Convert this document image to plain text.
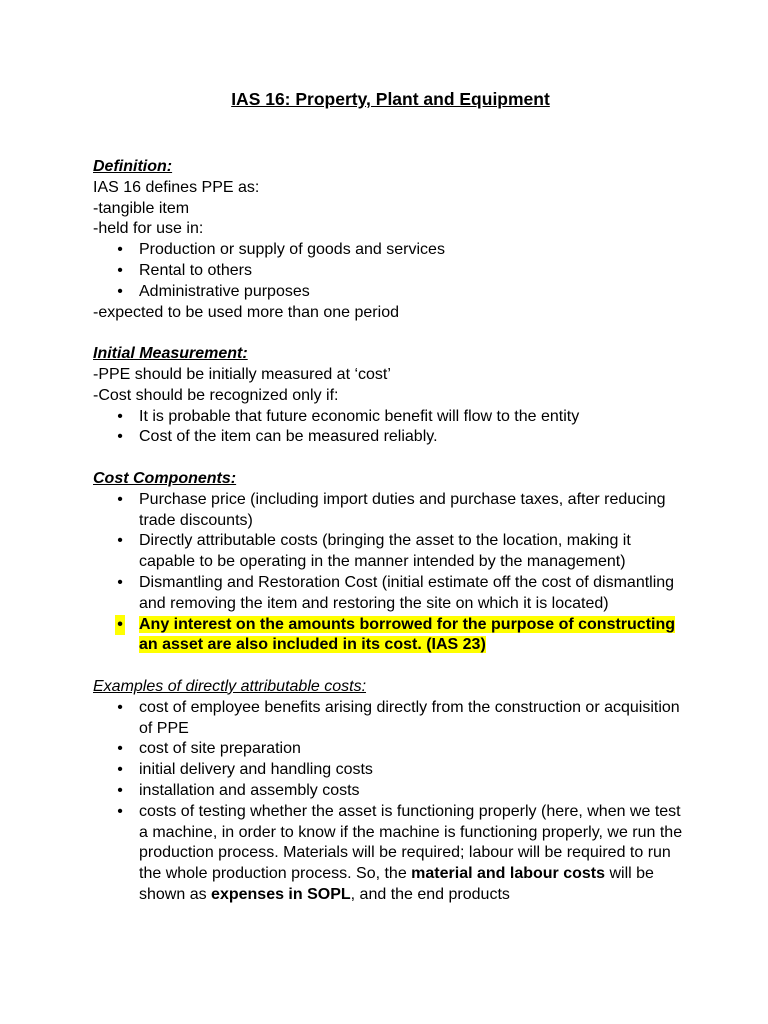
IAS 16: Property, Plant and Equipment

Definition:

IAS 16 defines PPE as:

-tangible item

-held for use in:

• Production or supply of goods and services
• Rental to others
• Administrative purposes

-expected to be used more than one period

Initial Measurement:

-PPE should be initially measured at ‘cost’

-Cost should be recognized only if:

• It is probable that future economic benefit will flow to the entity
• Cost of the item can be measured reliably.

Cost Components:

• Purchase price (including import duties and purchase taxes, after reducing trade discounts)
• Directly attributable costs (bringing the asset to the location, making it capable to be operating in the manner intended by the management)
• Dismantling and Restoration Cost (initial estimate off the cost of dismantling and removing the item and restoring the site on which it is located)
• Any interest on the amounts borrowed for the purpose of constructing an asset are also included in its cost. (IAS 23)

Examples of directly attributable costs:

• cost of employee benefits arising directly from the construction or acquisition of PPE
• cost of site preparation
• initial delivery and handling costs
• installation and assembly costs
• costs of testing whether the asset is functioning properly (here, when we test a machine, in order to know if the machine is functioning properly, we run the production process. Materials will be required; labour will be required to run the whole production process. So, the material and labour costs will be shown as expenses in SOPL, and the end products
